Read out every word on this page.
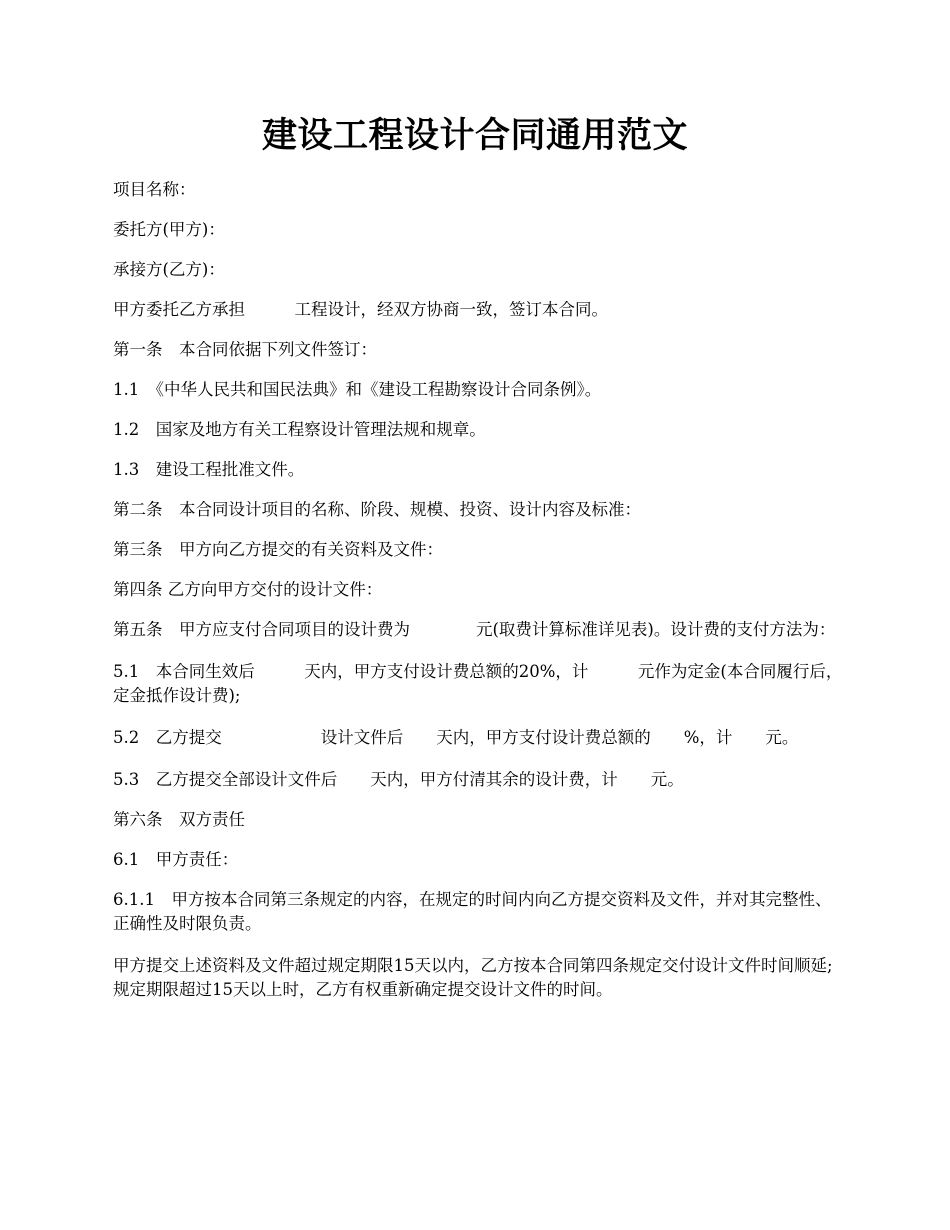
建设工程设计合同通用范文

项目名称：

委托方(甲方)：

承接方(乙方)：

甲方委托乙方承担　　　工程设计，经双方协商一致，签订本合同。

第一条　本合同依据下列文件签订：

1.1　《中华人民共和国民法典》和《建设工程勘察设计合同条例》。

1.2　国家及地方有关工程察设计管理法规和规章。

1.3　建设工程批准文件。

第二条　本合同设计项目的名称、阶段、规模、投资、设计内容及标准：

第三条　甲方向乙方提交的有关资料及文件：

第四条 乙方向甲方交付的设计文件：

第五条　甲方应支付合同项目的设计费为　　　　元(取费计算标准详见表)。设计费的支付方法为：

5.1　本合同生效后　　　天内，甲方支付设计费总额的20%，计　　　元作为定金(本合同履行后，定金抵作设计费);

5.2　乙方提交　　　　　　设计文件后　　天内，甲方支付设计费总额的　　%，计　　元。

5.3　乙方提交全部设计文件后　　天内，甲方付清其余的设计费，计　　元。

第六条　双方责任

6.1　甲方责任：

6.1.1　甲方按本合同第三条规定的内容，在规定的时间内向乙方提交资料及文件，并对其完整性、正确性及时限负责。

甲方提交上述资料及文件超过规定期限15天以内，乙方按本合同第四条规定交付设计文件时间顺延;规定期限超过15天以上时，乙方有权重新确定提交设计文件的时间。
